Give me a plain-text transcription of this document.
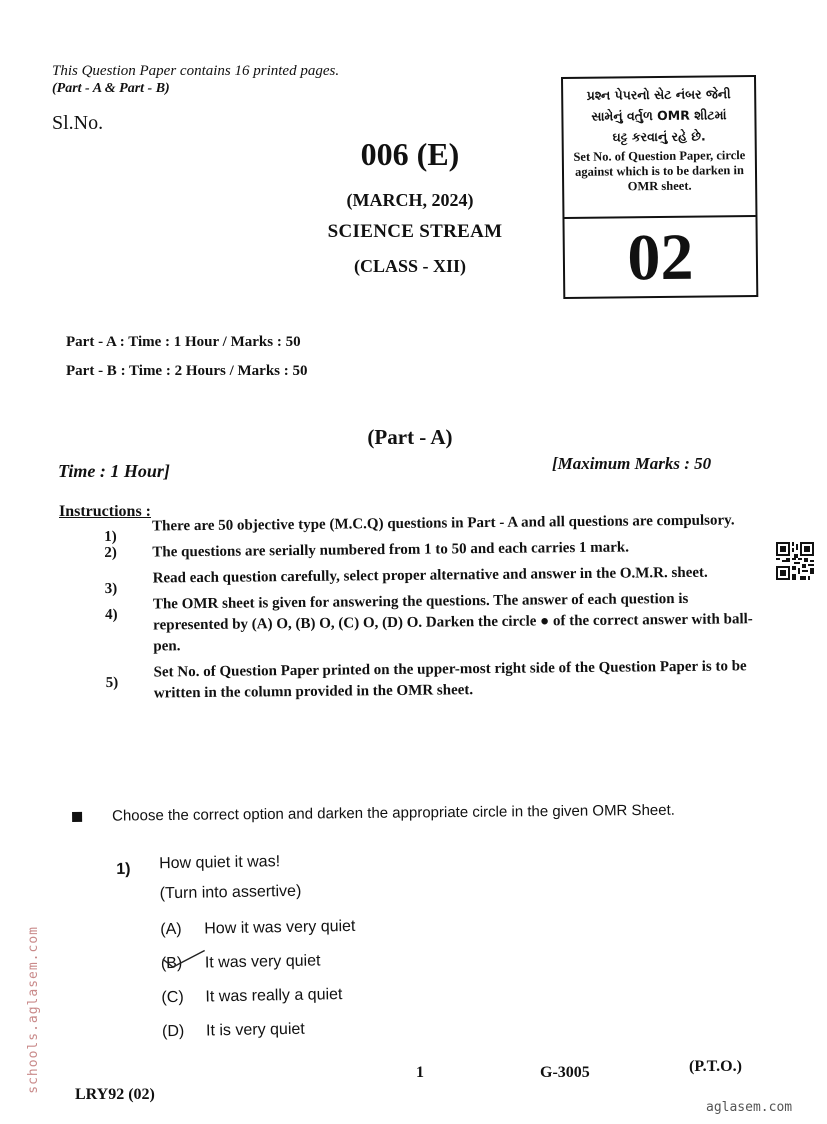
This Question Paper contains 16 printed pages.
(Part - A & Part - B)
Sl.No.
006 (E)
(MARCH, 2024)
SCIENCE STREAM
(CLASS - XII)
પ્રશ્ન પેપરનો સેટ નંબર જેની
સામેનું વર્તુળ OMR શીટમાં
ઘટ્ટ કરવાનું રહે છે.
Set No. of Question Paper, circle against which is to be darken in OMR sheet.
02
Part - A : Time : 1 Hour / Marks : 50
Part - B : Time : 2 Hours / Marks : 50
(Part - A)
Time : 1 Hour]	[Maximum Marks : 50
Instructions :
1)
There are 50 objective type (M.C.Q) questions in Part - A and all questions are compulsory.
2) The questions are serially numbered from 1 to 50 and each carries 1 mark.
3)
Read each question carefully, select proper alternative and answer in the O.M.R. sheet.
4)
The OMR sheet is given for answering the questions. The answer of each question is represented by (A) O, (B) O, (C) O, (D) O. Darken the circle ● of the correct answer with ball-pen.
5)
Set No. of Question Paper printed on the upper-most right side of the Question Paper is to be written in the column provided in the OMR sheet.
Choose the correct option and darken the appropriate circle in the given OMR Sheet.
1) How quiet it was!
(Turn into assertive)
(A) How it was very quiet
(B) It was very quiet
(C) It was really a quiet
(D) It is very quiet
1	G-3005	(P.T.O.)
LRY92 (02)
schools.aglasem.com
aglasem.com
